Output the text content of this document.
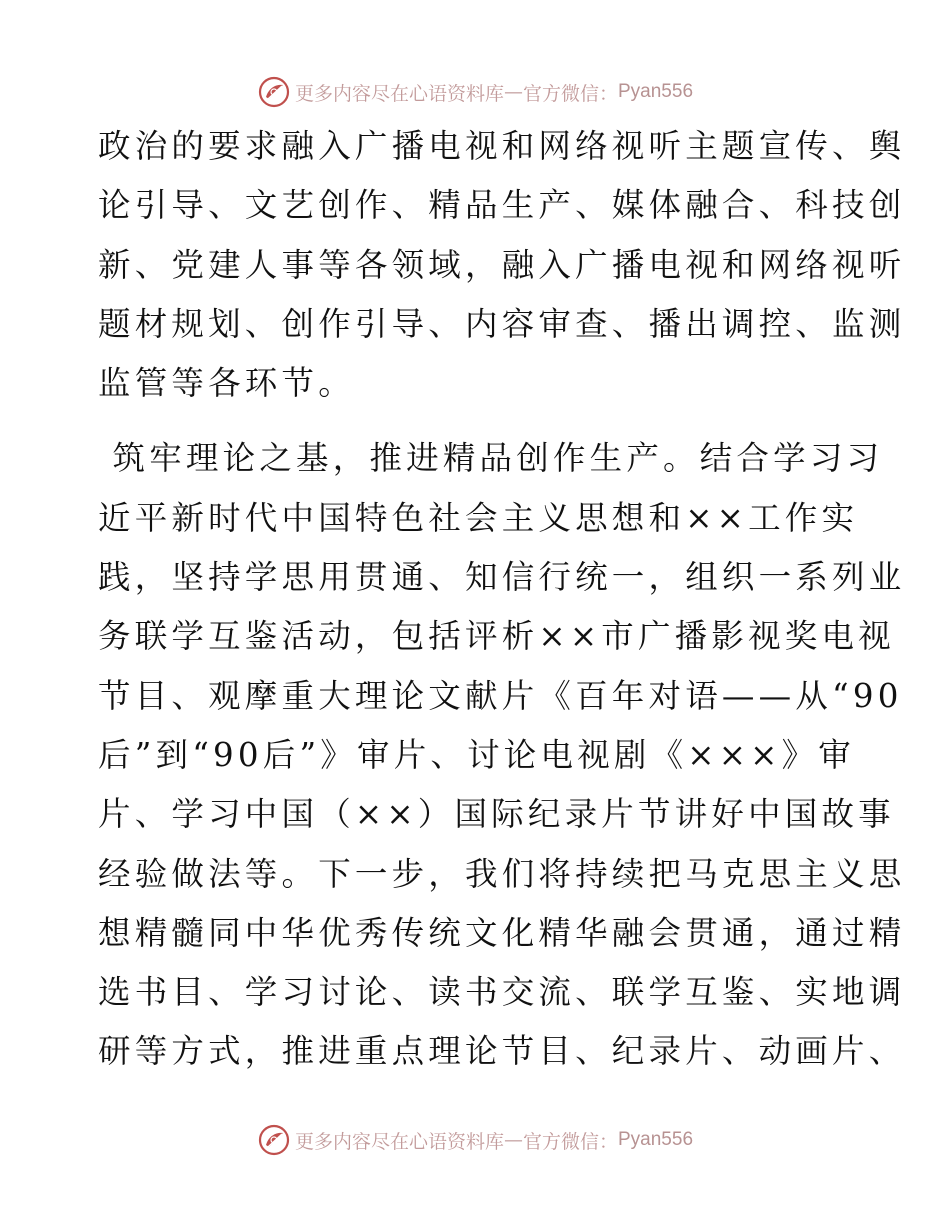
更多内容尽在心语资料库 — 官方微信： Pyan556

政治的要求融入广播电视和网络视听主题宣传、舆
论引导、文艺创作、精品生产、媒体融合、科技创
新、党建人事等各领域，融入广播电视和网络视听
题材规划、创作引导、内容审查、播出调控、监测
监管等各环节。

筑牢理论之基，推进精品创作生产。结合学习习
近平新时代中国特色社会主义思想和××工作实
践，坚持学思用贯通、知信行统一，组织一系列业
务联学互鉴活动，包括评析××市广播影视奖电视
节目、观摩重大理论文献片《百年对语——从“90
后”到“90后”》审片、讨论电视剧《×××》审
片、学习中国（××）国际纪录片节讲好中国故事
经验做法等。下一步，我们将持续把马克思主义思
想精髓同中华优秀传统文化精华融会贯通，通过精
选书目、学习讨论、读书交流、联学互鉴、实地调
研等方式，推进重点理论节目、纪录片、动画片、

更多内容尽在心语资料库 — 官方微信： Pyan556
